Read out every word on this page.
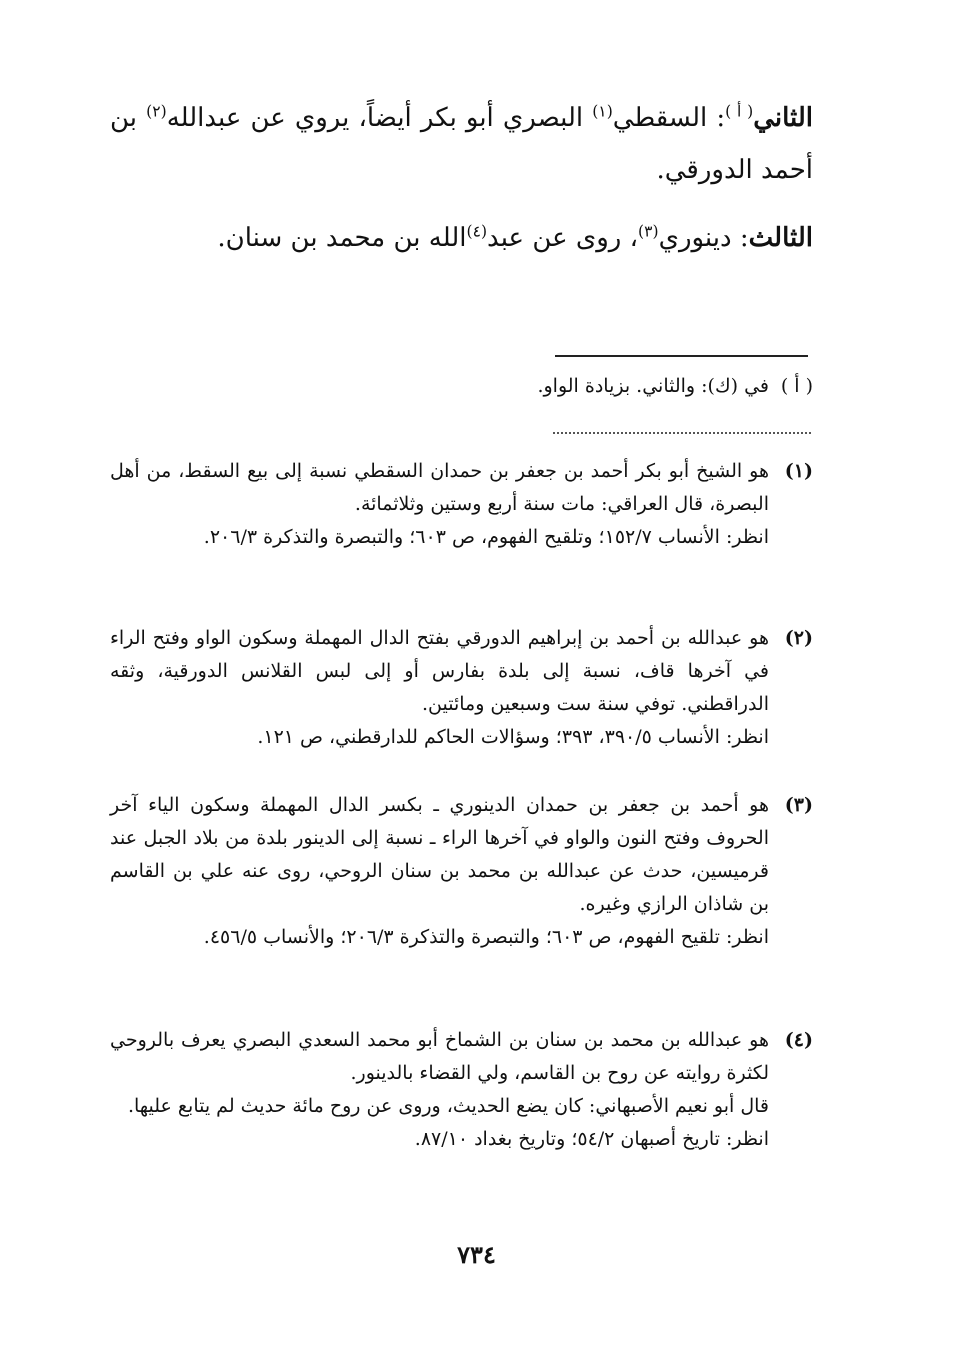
الثاني$^{( أ )}$: السقطي$^{(١)}$ البصري أبو بكر أيضاً، يروي عن عبدالله$^{(٢)}$ بن أحمد الدورقي.
الثالث: دينوري$^{(٣)}$، روى عن عبد$^{(٤)}$الله بن محمد بن سنان.
( أ )
في (ك): والثاني. بزيادة الواو.
(١)
هو الشيخ أبو بكر أحمد بن جعفر بن حمدان السقطي نسبة إلى بيع السقط، من أهل البصرة، قال العراقي: مات سنة أربع وستين وثلاثمائة.
انظر: الأنساب ١٥٢/٧؛ وتلقيح الفهوم، ص ٦٠٣؛ والتبصرة والتذكرة ٢٠٦/٣.
(٢)
هو عبدالله بن أحمد بن إبراهيم الدورقي بفتح الدال المهملة وسكون الواو وفتح الراء في آخرها قاف، نسبة إلى بلدة بفارس أو إلى لبس القلانس الدورقية، وثقه الدراقطني. توفي سنة ست وسبعين ومائتين.
انظر: الأنساب ٣٩٠/٥، ٣٩٣؛ وسؤالات الحاكم للدارقطني، ص ١٢١.
(٣)
هو أحمد بن جعفر بن حمدان الدينوري ـ بكسر الدال المهملة وسكون الياء آخر الحروف وفتح النون والواو في آخرها الراء ـ نسبة إلى الدينور بلدة من بلاد الجبل عند قرميسين، حدث عن عبدالله بن محمد بن سنان الروحي، روى عنه علي بن القاسم بن شاذان الرازي وغيره.
انظر: تلقيح الفهوم، ص ٦٠٣؛ والتبصرة والتذكرة ٢٠٦/٣؛ والأنساب ٤٥٦/٥.
(٤)
هو عبدالله بن محمد بن سنان بن الشماخ أبو محمد السعدي البصري يعرف بالروحي لكثرة روايته عن روح بن القاسم، ولي القضاء بالدينور.
قال أبو نعيم الأصبهاني: كان يضع الحديث، وروى عن روح مائة حديث لم يتابع عليها.
انظر: تاريخ أصبهان ٥٤/٢؛ وتاريخ بغداد ٨٧/١٠.
٧٣٤
